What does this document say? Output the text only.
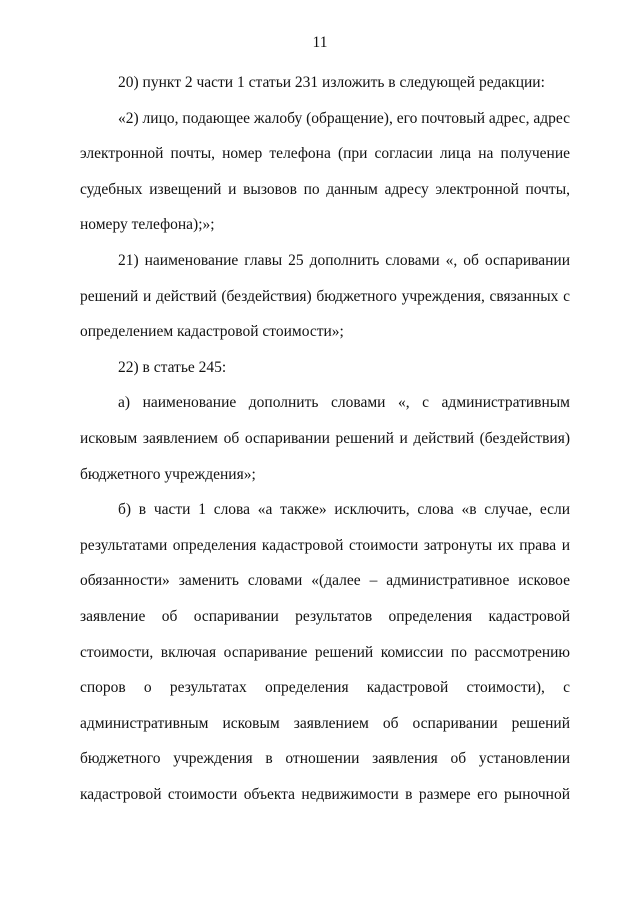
11

20) пункт 2 части 1 статьи 231 изложить в следующей редакции:

«2) лицо, подающее жалобу (обращение), его почтовый адрес, адрес электронной почты, номер телефона (при согласии лица на получение судебных извещений и вызовов по данным адресу электронной почты, номеру телефона);»;

21) наименование главы 25 дополнить словами «, об оспаривании решений и действий (бездействия) бюджетного учреждения, связанных с определением кадастровой стоимости»;

22) в статье 245:

а) наименование дополнить словами «, с административным исковым заявлением об оспаривании решений и действий (бездействия) бюджетного учреждения»;

б) в части 1 слова «а также» исключить, слова «в случае, если результатами определения кадастровой стоимости затронуты их права и обязанности» заменить словами «(далее – административное исковое заявление об оспаривании результатов определения кадастровой стоимости, включая оспаривание решений комиссии по рассмотрению споров о результатах определения кадастровой стоимости), с административным исковым заявлением об оспаривании решений бюджетного учреждения в отношении заявления об установлении кадастровой стоимости объекта недвижимости в размере его рыночной
